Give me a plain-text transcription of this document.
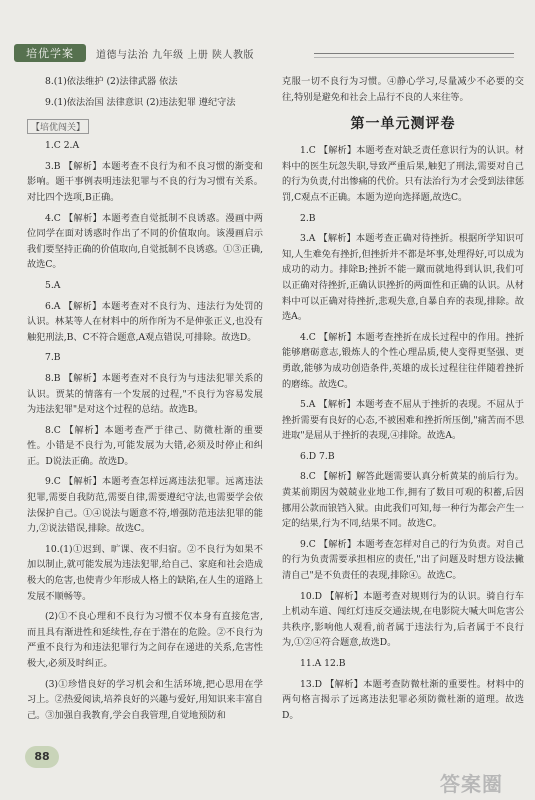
培优学案	道德与法治 九年级 上册 陕人教版

8.(1)依法维护 (2)法律武器 依法

9.(1)依法治国 法律意识 (2)违法犯罪 遵纪守法

【培优闯关】

1.C 2.A

3.B 【解析】本题考查不良行为和不良习惯的渐变和影响。题干事例表明违法犯罪与不良的行为习惯有关系。对比四个选项,B正确。

4.C 【解析】本题考查自觉抵制不良诱惑。漫画中两位同学在面对诱惑时作出了不同的价值取向。该漫画启示我们要坚持正确的价值取向,自觉抵制不良诱惑。①③正确,故选C。

5.A

6.A 【解析】本题考查对不良行为、违法行为处罚的认识。林某等人在材料中的所作所为不是伸张正义,也没有触犯刑法,B、C不符合题意,A观点错误,可排除。故选D。

7.B

8.B 【解析】本题考查对不良行为与违法犯罪关系的认识。贾某的情落有一个发展的过程,"不良行为容易发展为违法犯罪"是对这个过程的总结。故选B。

8.C 【解析】本题考查严于律己、防微杜渐的重要性。小错是不良行为,可能发展为大错,必须及时停止和纠正。D说法正确。故选D。

9.C 【解析】本题考查怎样远离违法犯罪。远离违法犯罪,需要自我防范,需要自律,需要遵纪守法,也需要学会依法保护自己。①④说法与题意不符,增强防范违法犯罪的能力,②说法错误,排除。故选C。

10.(1)①迟到、旷课、夜不归宿。②不良行为如果不加以制止,就可能发展为违法犯罪,给自己、家庭和社会造成极大的危害,也使青少年形成人格上的缺陷,在人生的道路上发展不顺畅等。

(2)①不良心理和不良行为习惯不仅本身有直接危害,而且具有渐进性和延续性,存在于潜在的危险。②不良行为严重不良行为和违法犯罪行为之间存在递进的关系,危害性极大,必须及时纠正。

(3)①珍惜良好的学习机会和生活环境,把心思用在学习上。②热爱阅读,培养良好的兴趣与爱好,用知识来丰富自己。③加强自我教育,学会自我管理,自觉地预防和

克服一切不良行为习惯。④静心学习,尽量减少不必要的交往,特别是避免和社会上品行不良的人来往等。

第一单元测评卷

1.C 【解析】本题考查对缺乏责任意识行为的认识。材料中的医生玩忽失职,导致严重后果,触犯了刑法,需要对自己的行为负责,付出惨痛的代价。只有法治行为才会受到法律惩罚,C观点不正确。本题为逆向选择题,故选C。

2.B

3.A 【解析】本题考查正确对待挫折。根据所学知识可知,人生难免有挫折,但挫折并不都是坏事,处理得好,可以成为成功的动力。排除B;挫折不能一蹴而就地得到认识,我们可以正确对待挫折,正确认识挫折的两面性和正确的认识。从材料中可以正确对待挫折,悲观失意,自暴自弃的表现,排除。故选A。

4.C 【解析】本题考查挫折在成长过程中的作用。挫折能够磨砺意志,锻炼人的个性心理品质,使人变得更坚强、更勇敢,能够为成功创造条件,英雄的成长过程往往伴随着挫折的磨练。故选C。

5.A 【解析】本题考查不屈从于挫折的表现。不屈从于挫折需要有良好的心态,不被困难和挫折所压倒,"痛苦而不思进取"是屈从于挫折的表现,④排除。故选A。

6.D 7.B

8.C 【解析】解答此题需要认真分析黄某的前后行为。黄某前期因为兢兢业业地工作,拥有了数目可观的积蓄,后因挪用公款而锒铛入狱。由此我们可知,每一种行为都会产生一定的结果,行为不同,结果不同。故选C。

9.C 【解析】本题考查怎样对自己的行为负责。对自己的行为负责需要承担相应的责任,"出了问题及时想方设法撇清自己"是不负责任的表现,排除④。故选C。

10.D 【解析】本题考查对规则行为的认识。骑自行车上机动车道、闯红灯违反交通法规,在电影院大喊大叫危害公共秩序,影响他人观看,前者属于违法行为,后者属于不良行为,①②④符合题意,故选D。

11.A 12.B

13.D 【解析】本题考查防微杜渐的重要性。材料中的两句格言揭示了远离违法犯罪必须防微杜渐的道理。故选D。

88
答案圈
